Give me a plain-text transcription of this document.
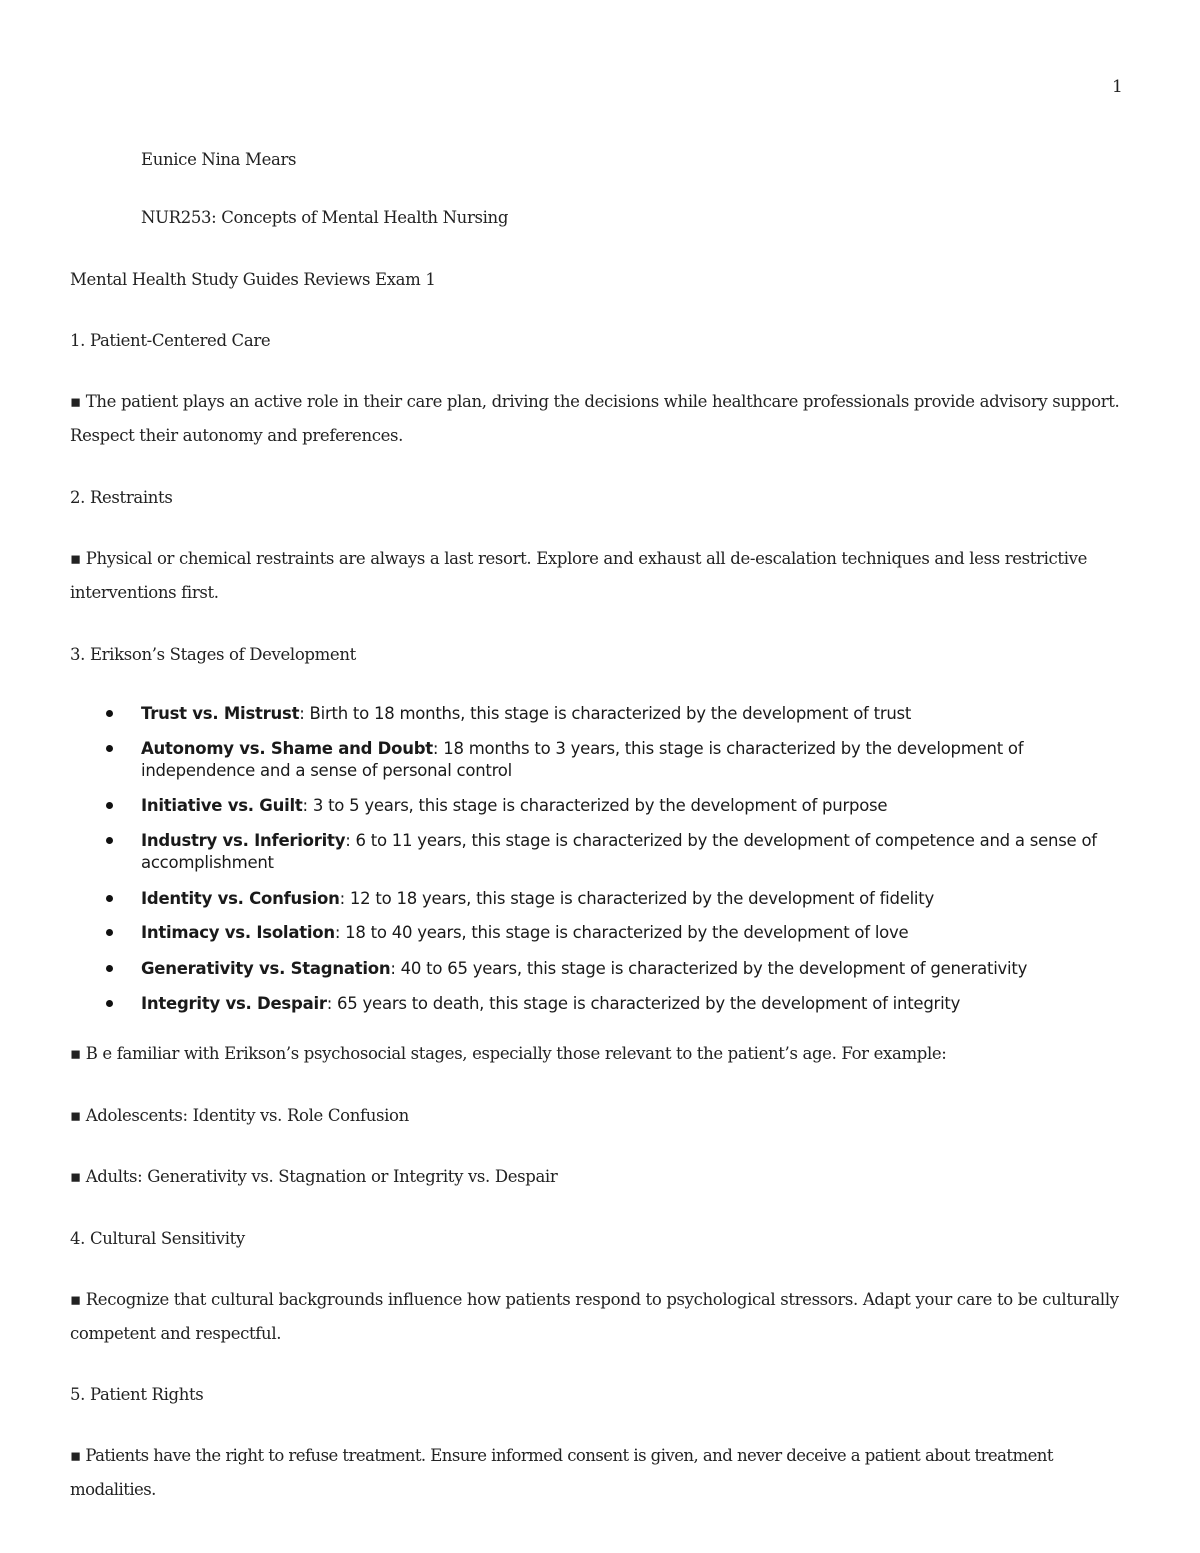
1
Eunice Nina Mears
NUR253: Concepts of Mental Health Nursing
Mental Health Study Guides Reviews Exam 1
1. Patient-Centered Care
▪ The patient plays an active role in their care plan, driving the decisions while healthcare professionals provide advisory support. Respect their autonomy and preferences.
2. Restraints
▪ Physical or chemical restraints are always a last resort. Explore and exhaust all de-escalation techniques and less restrictive interventions first.
3. Erikson’s Stages of Development
Trust vs. Mistrust: Birth to 18 months, this stage is characterized by the development of trust
Autonomy vs. Shame and Doubt: 18 months to 3 years, this stage is characterized by the development of independence and a sense of personal control
Initiative vs. Guilt: 3 to 5 years, this stage is characterized by the development of purpose
Industry vs. Inferiority: 6 to 11 years, this stage is characterized by the development of competence and a sense of accomplishment
Identity vs. Confusion: 12 to 18 years, this stage is characterized by the development of fidelity
Intimacy vs. Isolation: 18 to 40 years, this stage is characterized by the development of love
Generativity vs. Stagnation: 40 to 65 years, this stage is characterized by the development of generativity
Integrity vs. Despair: 65 years to death, this stage is characterized by the development of integrity
▪ B e familiar with Erikson’s psychosocial stages, especially those relevant to the patient’s age. For example:
▪ Adolescents: Identity vs. Role Confusion
▪ Adults: Generativity vs. Stagnation or Integrity vs. Despair
4. Cultural Sensitivity
▪ Recognize that cultural backgrounds influence how patients respond to psychological stressors. Adapt your care to be culturally competent and respectful.
5. Patient Rights
▪ Patients have the right to refuse treatment. Ensure informed consent is given, and never deceive a patient about treatment modalities.
